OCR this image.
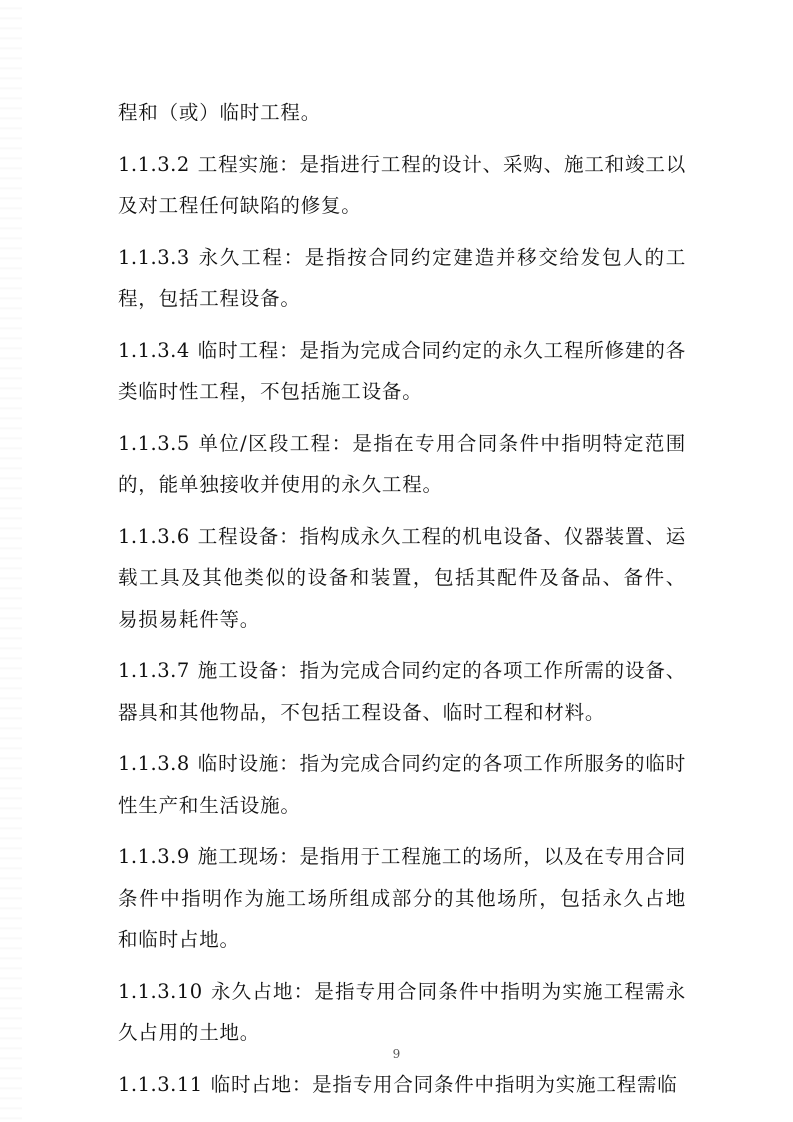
程和（或）临时工程。

1.1.3.2 工程实施：是指进行工程的设计、采购、施工和竣工以及对工程任何缺陷的修复。

1.1.3.3 永久工程：是指按合同约定建造并移交给发包人的工程，包括工程设备。

1.1.3.4 临时工程：是指为完成合同约定的永久工程所修建的各类临时性工程，不包括施工设备。

1.1.3.5 单位/区段工程：是指在专用合同条件中指明特定范围的，能单独接收并使用的永久工程。

1.1.3.6 工程设备：指构成永久工程的机电设备、仪器装置、运载工具及其他类似的设备和装置，包括其配件及备品、备件、易损易耗件等。

1.1.3.7 施工设备：指为完成合同约定的各项工作所需的设备、器具和其他物品，不包括工程设备、临时工程和材料。

1.1.3.8 临时设施：指为完成合同约定的各项工作所服务的临时性生产和生活设施。

1.1.3.9 施工现场：是指用于工程施工的场所，以及在专用合同条件中指明作为施工场所组成部分的其他场所，包括永久占地和临时占地。

1.1.3.10 永久占地：是指专用合同条件中指明为实施工程需永久占用的土地。

1.1.3.11 临时占地：是指专用合同条件中指明为实施工程需临

9
